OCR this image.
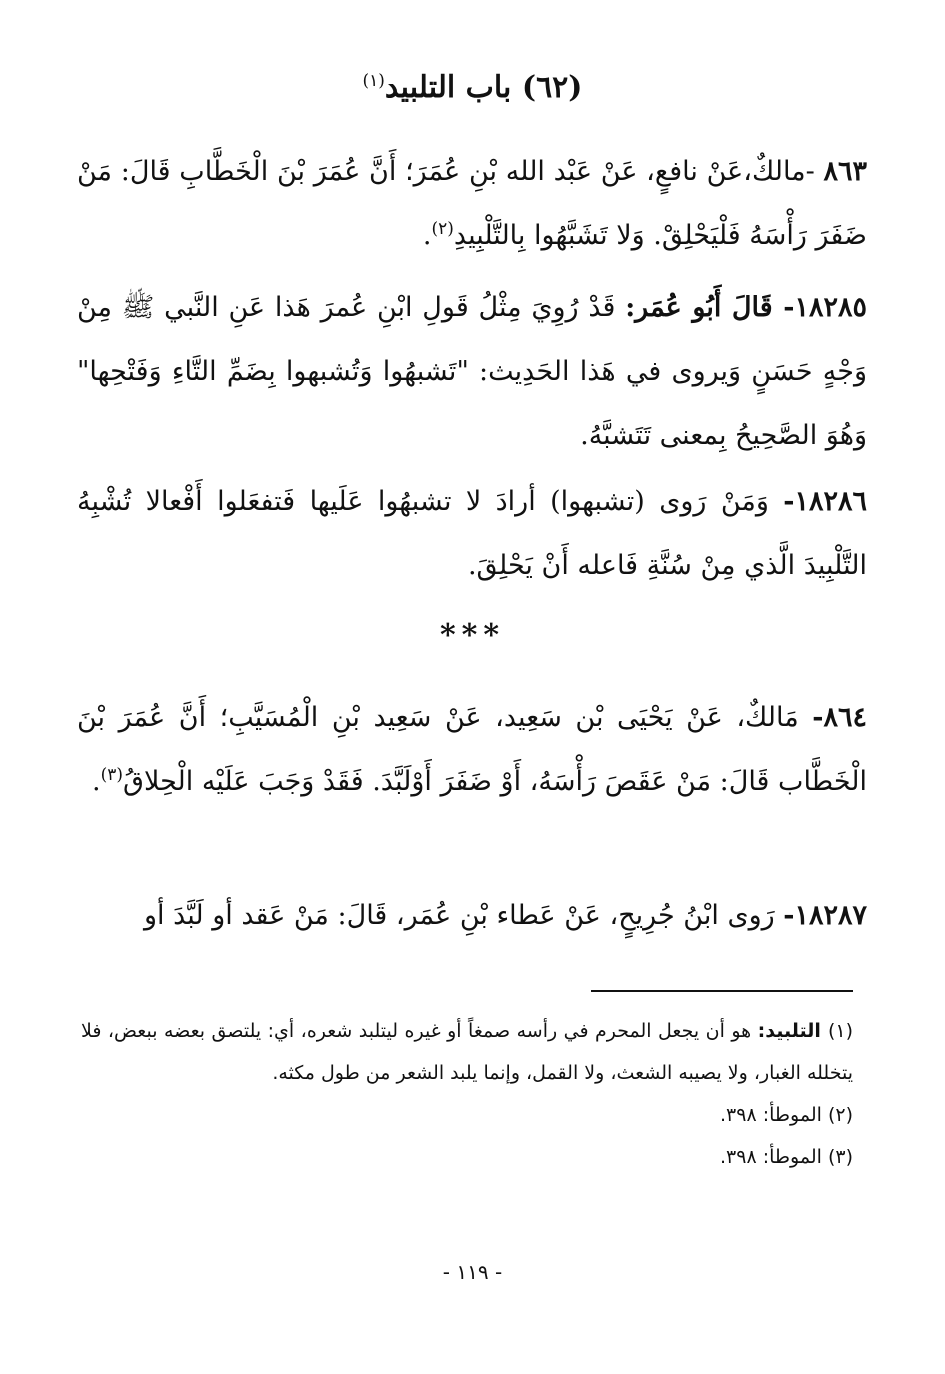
(٦٢) باب التلبيد$^{(١)}$

٨٦٣ -مالكٌ،عَنْ نافعٍ، عَنْ عَبْد الله بْنِ عُمَرَ؛ أَنَّ عُمَرَ بْنَ الْخَطَّابِ قَالَ: مَنْ ضَفَرَ رَأْسَهُ فَلْيَحْلِقْ. وَلا تَشَبَّهُوا بِالتَّلْبِيدِ$^{(٢)}$.

١٨٢٨٥- قَالَ أَبُو عُمَر: قَدْ رُوِيَ مِثْلُ قَولِ ابْنِ عُمرَ هَذا عَنِ النَّبي ﷺ مِنْ وَجْهٍ حَسَنٍ وَيروى في هَذا الحَدِيث: "تَشبهُوا وَتُشبهوا بِضَمِّ التَّاءِ وَفَتْحِها" وَهُوَ الصَّحِيحُ بِمعنى تَتَشبَّهُ.

١٨٢٨٦- وَمَنْ رَوى (تشبهوا) أرادَ لا تشبهُوا عَلَيها فَتفعَلوا أَفْعالا تُشْبِهُ التَّلْبِيدَ الَّذي مِنْ سُنَّةِ فَاعله أَنْ يَحْلِقَ.

***

٨٦٤- مَالكٌ، عَنْ يَحْيَى بْن سَعِيد، عَنْ سَعِيد بْنِ الْمُسَيَّبِ؛ أَنَّ عُمَرَ بْنَ الْخَطَّاب قَالَ: مَنْ عَقَصَ رَأْسَهُ، أَوْ ضَفَرَ أَوْلَبَّدَ. فَقَدْ وَجَبَ عَلَيْه الْحِلاقُ$^{(٣)}$.

١٨٢٨٧- رَوى ابْنُ جُرِيحٍ، عَنْ عَطاء بْنِ عُمَر، قَالَ: مَنْ عَقد أو لَبَّدَ أو

(١) التلبيد: هو أن يجعل المحرم في رأسه صمغاً أو غيره ليتلبد شعره، أي: يلتصق بعضه ببعض، فلا يتخلله الغبار، ولا يصيبه الشعث، ولا القمل، وإنما يلبد الشعر من طول مكثه.

(٢) الموطأ: ٣٩٨.

(٣) الموطأ: ٣٩٨.

- ١١٩ -
